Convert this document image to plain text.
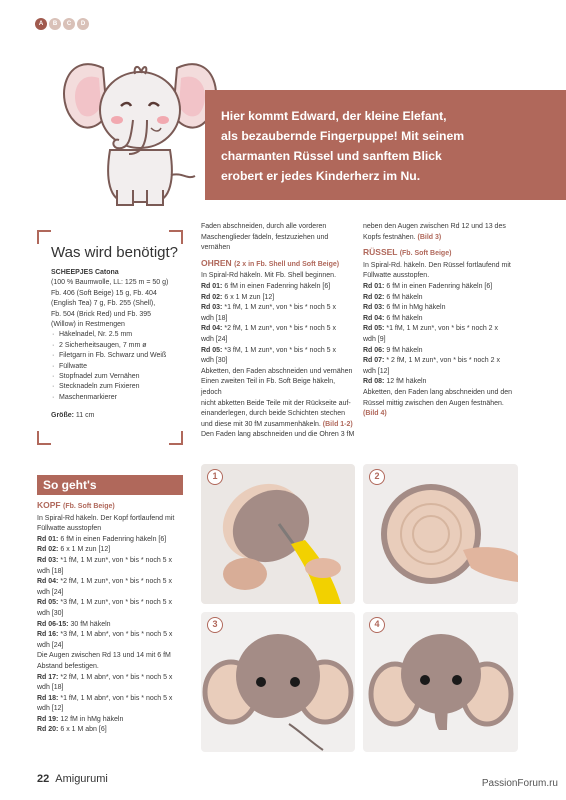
A	B	C	D
Hier kommt Edward, der kleine Elefant,
als bezaubernde Fingerpuppe! Mit seinem
charmanten Rüssel und sanftem Blick
erobert er jedes Kinderherz im Nu.
Was wird benötigt?
SCHEEPJES Catona
(100 % Baumwolle, LL: 125 m = 50 g)
Fb. 406 (Soft Beige) 15 g, Fb. 404
(English Tea) 7 g, Fb. 255 (Shell),
Fb. 504 (Brick Red) und Fb. 395
(Willow) in Restmengen
· Häkelnadel, Nr. 2.5 mm
· 2 Sicherheitsaugen, 7 mm ø
· Filetgarn in Fb. Schwarz und Weiß
· Füllwatte
· Stopfnadel zum Vernähen
· Stecknadeln zum Fixieren
· Maschenmarkierer
Größe: 11 cm
So geht's
KOPF (Fb. Soft Beige)

In Spiral-Rd häkeln. Der Kopf fortlaufend mit

Füllwatte ausstopfen

Rd 01: 6 fM in einen Fadenring häkeln [6]

Rd 02: 6 x 1 M zun [12]

Rd 03: *1 fM, 1 M zun*, von * bis * noch 5 x

wdh [18]

Rd 04: *2 fM, 1 M zun*, von * bis * noch 5 x

wdh [24]

Rd 05: *3 fM, 1 M zun*, von * bis * noch 5 x

wdh [30]

Rd 06-15: 30 fM häkeln

Rd 16: *3 fM, 1 M abn*, von * bis * noch 5 x

wdh [24]

Die Augen zwischen Rd 13 und 14 mit 6 fM

Abstand befestigen.

Rd 17: *2 fM, 1 M abn*, von * bis * noch 5 x

wdh [18]

Rd 18: *1 fM, 1 M abn*, von * bis * noch 5 x

wdh [12]

Rd 19: 12 fM in hMg häkeln

Rd 20: 6 x 1 M abn [6]

Faden abschneiden, durch alle vorderen

Maschenglieder fädeln, festzuziehen und

vernähen

OHREN (2 x in Fb. Shell und Soft Beige)

In Spiral-Rd häkeln. Mit Fb. Shell beginnen.

Rd 01: 6 fM in einen Fadenring häkeln [6]

Rd 02: 6 x 1 M zun [12]

Rd 03: *1 fM, 1 M zun*, von * bis * noch 5 x

wdh [18]

Rd 04: *2 fM, 1 M zun*, von * bis * noch 5 x

wdh [24]

Rd 05: *3 fM, 1 M zun*, von * bis * noch 5 x

wdh [30]

Abketten, den Faden abschneiden und vernähen

Einen zweiten Teil in Fb. Soft Beige häkeln, jedoch

nicht abketten Beide Teile mit der Rückseite auf-

einanderlegen, durch beide Schichten stechen

und diese mit 30 fM zusammenhäkeln. (Bild 1-2)

Den Faden lang abschneiden und die Ohren 3 fM

neben den Augen zwischen Rd 12 und 13 des

Kopfs festnähen. (Bild 3)

RÜSSEL (Fb. Soft Beige)

In Spiral-Rd. häkeln. Den Rüssel fortlaufend mit

Füllwatte ausstopfen.

Rd 01: 6 fM in einen Fadenring häkeln [6]

Rd 02: 6 fM häkeln

Rd 03: 6 fM in hMg häkeln

Rd 04: 6 fM häkeln

Rd 05: *1 fM, 1 M zun*, von * bis * noch 2 x

wdh [9]

Rd 06: 9 fM häkeln

Rd 07: * 2 fM, 1 M zun*, von * bis * noch 2 x

wdh [12]

Rd 08: 12 fM häkeln

Abketten, den Faden lang abschneiden und den

Rüssel mittig zwischen den Augen festnähen.

(Bild 4)

1	2
3	4
22 Amigurumi	PassionForum.ru
